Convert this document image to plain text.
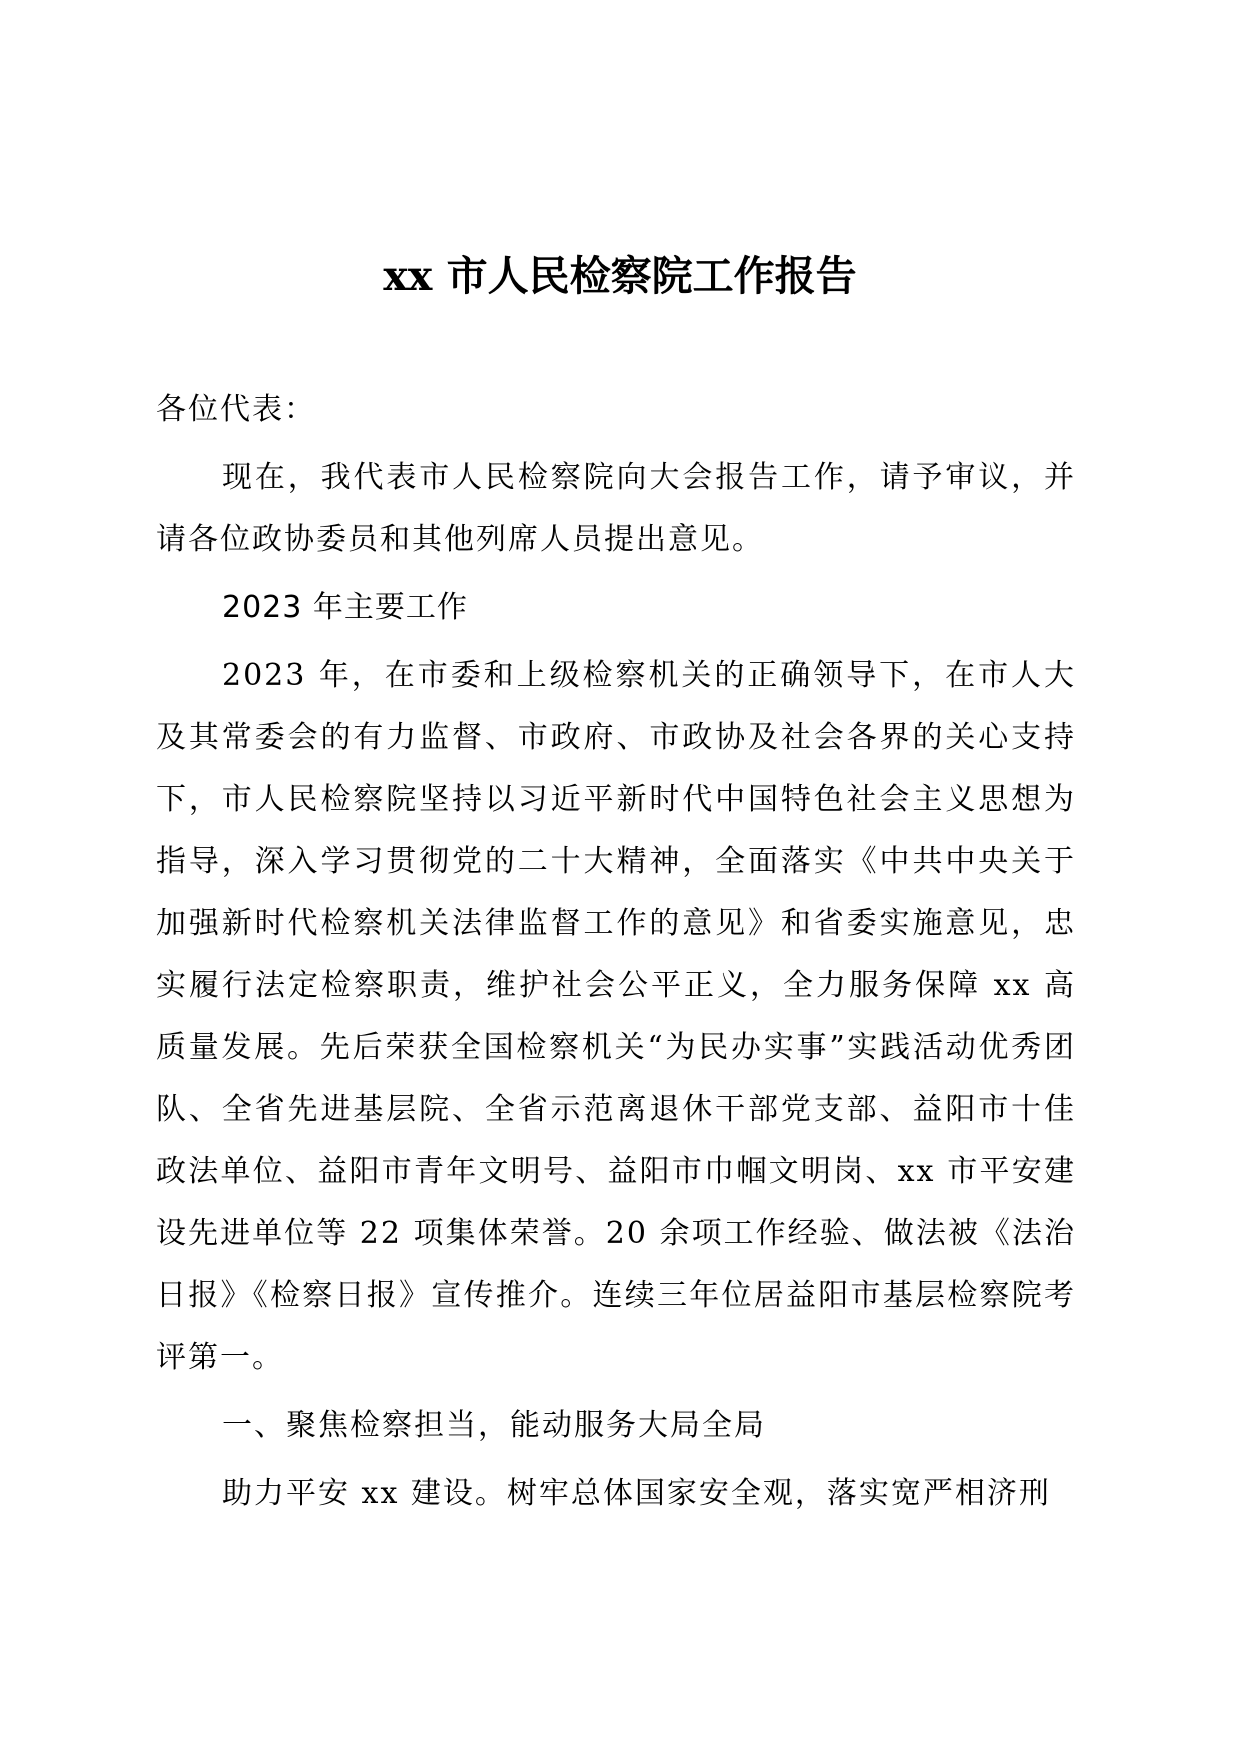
xx 市人民检察院工作报告

各位代表：

现在，我代表市人民检察院向大会报告工作，请予审议，并请各位政协委员和其他列席人员提出意见。

2023 年主要工作

2023 年，在市委和上级检察机关的正确领导下，在市人大及其常委会的有力监督、市政府、市政协及社会各界的关心支持下，市人民检察院坚持以习近平新时代中国特色社会主义思想为指导，深入学习贯彻党的二十大精神，全面落实《中共中央关于加强新时代检察机关法律监督工作的意见》和省委实施意见，忠实履行法定检察职责，维护社会公平正义，全力服务保障 xx 高质量发展。先后荣获全国检察机关“为民办实事”实践活动优秀团队、全省先进基层院、全省示范离退休干部党支部、益阳市十佳政法单位、益阳市青年文明号、益阳市巾帼文明岗、xx 市平安建设先进单位等 22 项集体荣誉。20 余项工作经验、做法被《法治日报》《检察日报》宣传推介。连续三年位居益阳市基层检察院考评第一。

一、聚焦检察担当，能动服务大局全局

助力平安 xx 建设。树牢总体国家安全观，落实宽严相济刑
